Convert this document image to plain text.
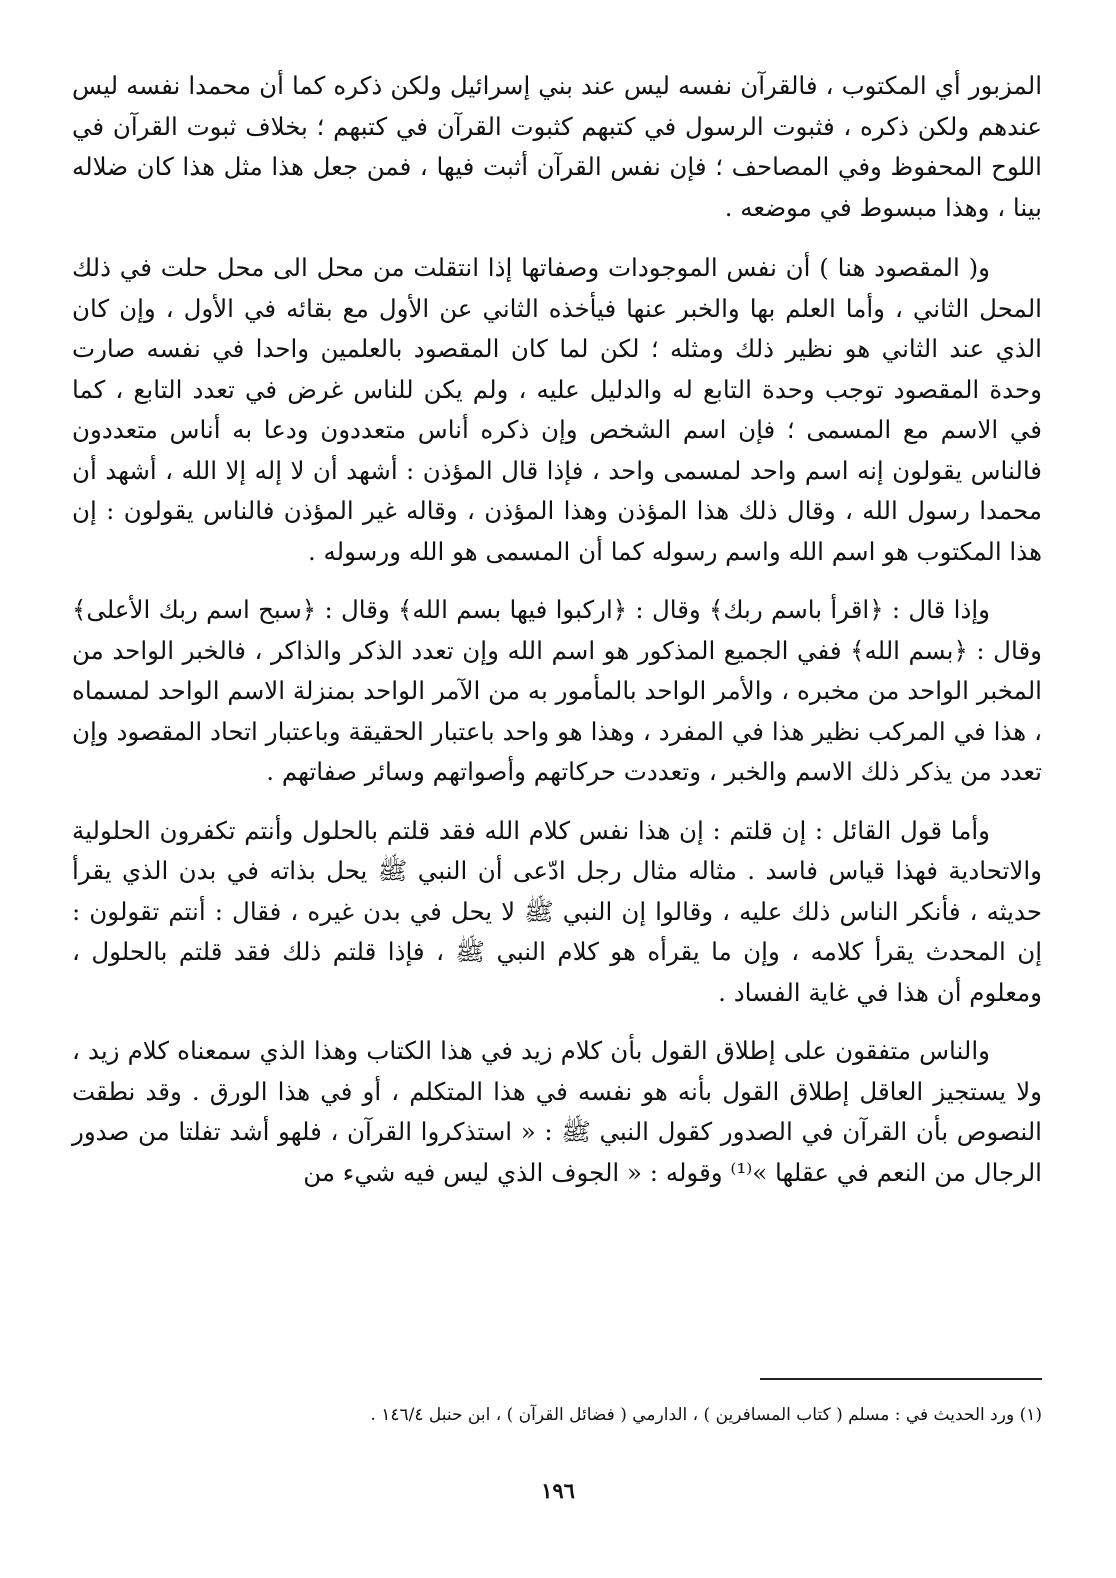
المزبور أي المكتوب ، فالقرآن نفسه ليس عند بني إسرائيل ولكن ذكره كما أن محمدا نفسه ليس عندهم ولكن ذكره ، فثبوت الرسول في كتبهم كثبوت القرآن في كتبهم ؛ بخلاف ثبوت القرآن في اللوح المحفوظ وفي المصاحف ؛ فإن نفس القرآن أثبت فيها ، فمن جعل هذا مثل هذا كان ضلاله بينا ، وهذا مبسوط في موضعه .

و( المقصود هنا ) أن نفس الموجودات وصفاتها إذا انتقلت من محل الى محل حلت في ذلك المحل الثاني ، وأما العلم بها والخبر عنها فيأخذه الثاني عن الأول مع بقائه في الأول ، وإن كان الذي عند الثاني هو نظير ذلك ومثله ؛ لكن لما كان المقصود بالعلمين واحدا في نفسه صارت وحدة المقصود توجب وحدة التابع له والدليل عليه ، ولم يكن للناس غرض في تعدد التابع ، كما في الاسم مع المسمى ؛ فإن اسم الشخص وإن ذكره أناس متعددون ودعا به أناس متعددون فالناس يقولون إنه اسم واحد لمسمى واحد ، فإذا قال المؤذن : أشهد أن لا إله إلا الله ، أشهد أن محمدا رسول الله ، وقال ذلك هذا المؤذن وهذا المؤذن ، وقاله غير المؤذن فالناس يقولون : إن هذا المكتوب هو اسم الله واسم رسوله كما أن المسمى هو الله ورسوله .

وإذا قال : ﴿اقرأ باسم ربك﴾ وقال : ﴿اركبوا فيها بسم الله﴾ وقال : ﴿سبح اسم ربك الأعلى﴾ وقال : ﴿بسم الله﴾ ففي الجميع المذكور هو اسم الله وإن تعدد الذكر والذاكر ، فالخبر الواحد من المخبر الواحد من مخبره ، والأمر الواحد بالمأمور به من الآمر الواحد بمنزلة الاسم الواحد لمسماه ، هذا في المركب نظير هذا في المفرد ، وهذا هو واحد باعتبار الحقيقة وباعتبار اتحاد المقصود وإن تعدد من يذكر ذلك الاسم والخبر ، وتعددت حركاتهم وأصواتهم وسائر صفاتهم .

وأما قول القائل : إن قلتم : إن هذا نفس كلام الله فقد قلتم بالحلول وأنتم تكفرون الحلولية والاتحادية فهذا قياس فاسد . مثاله مثال رجل ادّعى أن النبي ﷺ يحل بذاته في بدن الذي يقرأ حديثه ، فأنكر الناس ذلك عليه ، وقالوا إن النبي ﷺ لا يحل في بدن غيره ، فقال : أنتم تقولون : إن المحدث يقرأ كلامه ، وإن ما يقرأه هو كلام النبي ﷺ ، فإذا قلتم ذلك فقد قلتم بالحلول ، ومعلوم أن هذا في غاية الفساد .

والناس متفقون على إطلاق القول بأن كلام زيد في هذا الكتاب وهذا الذي سمعناه كلام زيد ، ولا يستجيز العاقل إطلاق القول بأنه هو نفسه في هذا المتكلم ، أو في هذا الورق . وقد نطقت النصوص بأن القرآن في الصدور كقول النبي ﷺ : « استذكروا القرآن ، فلهو أشد تفلتا من صدور الرجال من النعم في عقلها »⁽¹⁾ وقوله : « الجوف الذي ليس فيه شيء من

(١) ورد الحديث في : مسلم ( كتاب المسافرين ) ، الدارمي ( فضائل القرآن ) ، ابن حنبل ١٤٦/٤ .
١٩٦
